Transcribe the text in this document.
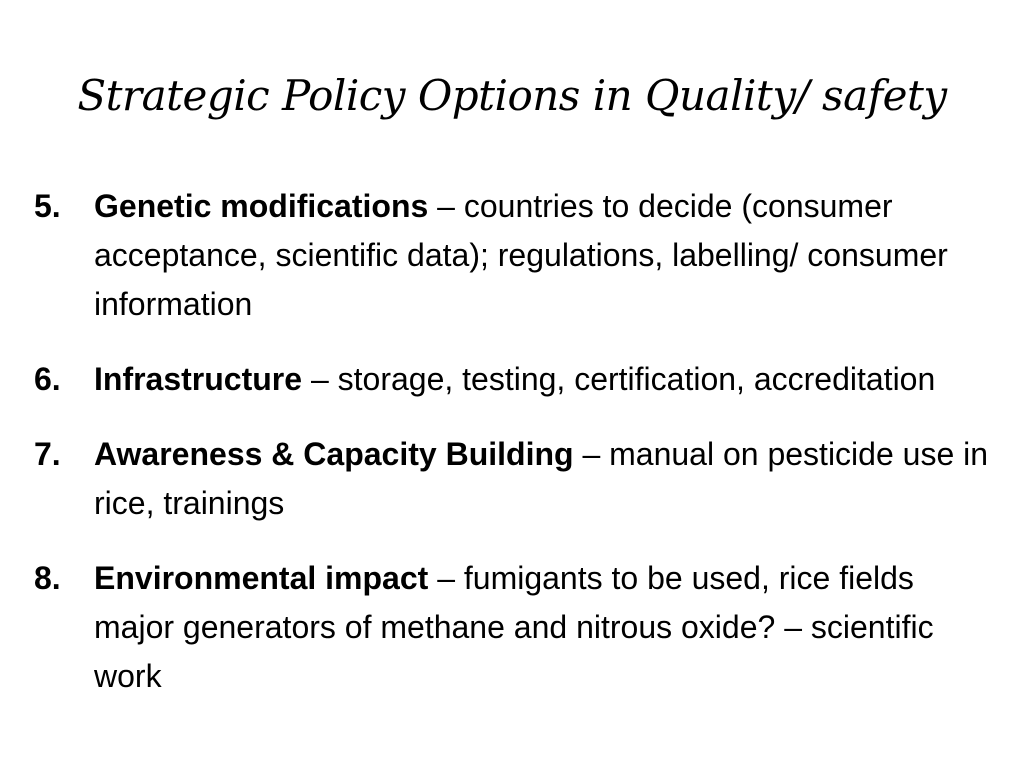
Strategic Policy Options in Quality/ safety
5. Genetic modifications – countries to decide (consumer acceptance, scientific data); regulations, labelling/ consumer information
6. Infrastructure – storage, testing, certification, accreditation
7. Awareness & Capacity Building – manual on pesticide use in rice, trainings
8. Environmental impact – fumigants to be used, rice fields major generators of methane and nitrous oxide? – scientific work
